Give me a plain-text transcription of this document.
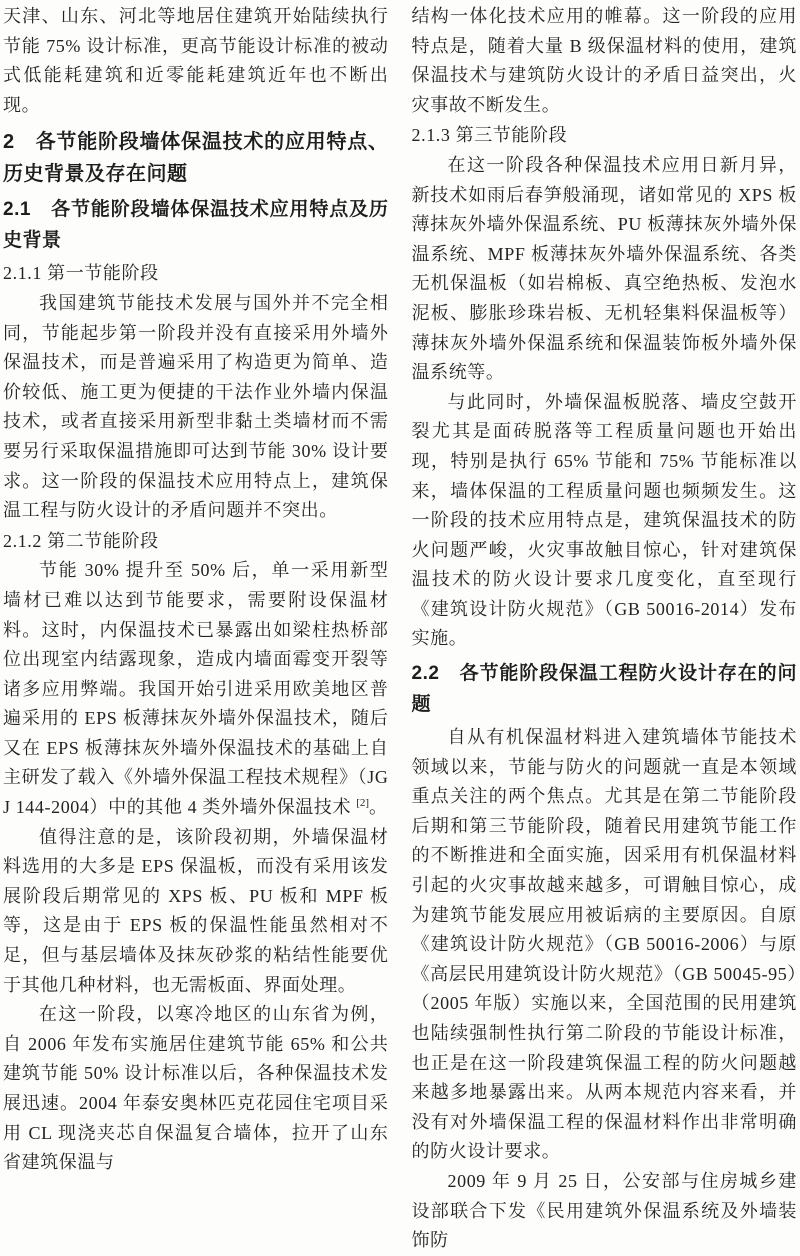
天津、山东、河北等地居住建筑开始陆续执行节能 75% 设计标准，更高节能设计标准的被动式低能耗建筑和近零能耗建筑近年也不断出现。

2　各节能阶段墙体保温技术的应用特点、历史背景及存在问题
2.1　各节能阶段墙体保温技术应用特点及历史背景
2.1.1 第一节能阶段

我国建筑节能技术发展与国外并不完全相同，节能起步第一阶段并没有直接采用外墙外保温技术，而是普遍采用了构造更为简单、造价较低、施工更为便捷的干法作业外墙内保温技术，或者直接采用新型非黏土类墙材而不需要另行采取保温措施即可达到节能 30% 设计要求。这一阶段的保温技术应用特点上，建筑保温工程与防火设计的矛盾问题并不突出。

2.1.2 第二节能阶段

节能 30% 提升至 50% 后，单一采用新型墙材已难以达到节能要求，需要附设保温材料。这时，内保温技术已暴露出如梁柱热桥部位出现室内结露现象，造成内墙面霉变开裂等诸多应用弊端。我国开始引进采用欧美地区普遍采用的 EPS 板薄抹灰外墙外保温技术，随后又在 EPS 板薄抹灰外墙外保温技术的基础上自主研发了载入《外墙外保温工程技术规程》（JGJ 144-2004）中的其他 4 类外墙外保温技术 [2]。

值得注意的是，该阶段初期，外墙保温材料选用的大多是 EPS 保温板，而没有采用该发展阶段后期常见的 XPS 板、PU 板和 MPF 板等，这是由于 EPS 板的保温性能虽然相对不足，但与基层墙体及抹灰砂浆的粘结性能要优于其他几种材料，也无需板面、界面处理。

在这一阶段，以寒冷地区的山东省为例，自 2006 年发布实施居住建筑节能 65% 和公共建筑节能 50% 设计标准以后，各种保温技术发展迅速。2004 年泰安奥林匹克花园住宅项目采用 CL 现浇夹芯自保温复合墙体，拉开了山东省建筑保温与

结构一体化技术应用的帷幕。这一阶段的应用特点是，随着大量 B 级保温材料的使用，建筑保温技术与建筑防火设计的矛盾日益突出，火灾事故不断发生。

2.1.3 第三节能阶段

在这一阶段各种保温技术应用日新月异，新技术如雨后春笋般涌现，诸如常见的 XPS 板薄抹灰外墙外保温系统、PU 板薄抹灰外墙外保温系统、MPF 板薄抹灰外墙外保温系统、各类无机保温板（如岩棉板、真空绝热板、发泡水泥板、膨胀珍珠岩板、无机轻集料保温板等）薄抹灰外墙外保温系统和保温装饰板外墙外保温系统等。

与此同时，外墙保温板脱落、墙皮空鼓开裂尤其是面砖脱落等工程质量问题也开始出现，特别是执行 65% 节能和 75% 节能标准以来，墙体保温的工程质量问题也频频发生。这一阶段的技术应用特点是，建筑保温技术的防火问题严峻，火灾事故触目惊心，针对建筑保温技术的防火设计要求几度变化，直至现行《建筑设计防火规范》（GB 50016-2014）发布实施。

2.2　各节能阶段保温工程防火设计存在的问题

自从有机保温材料进入建筑墙体节能技术领域以来，节能与防火的问题就一直是本领域重点关注的两个焦点。尤其是在第二节能阶段后期和第三节能阶段，随着民用建筑节能工作的不断推进和全面实施，因采用有机保温材料引起的火灾事故越来越多，可谓触目惊心，成为建筑节能发展应用被诟病的主要原因。自原《建筑设计防火规范》（GB 50016-2006）与原《高层民用建筑设计防火规范》（GB 50045-95）（2005 年版）实施以来，全国范围的民用建筑也陆续强制性执行第二阶段的节能设计标准，也正是在这一阶段建筑保温工程的防火问题越来越多地暴露出来。从两本规范内容来看，并没有对外墙保温工程的保温材料作出非常明确的防火设计要求。

2009 年 9 月 25 日，公安部与住房城乡建设部联合下发《民用建筑外保温系统及外墙装饰防
